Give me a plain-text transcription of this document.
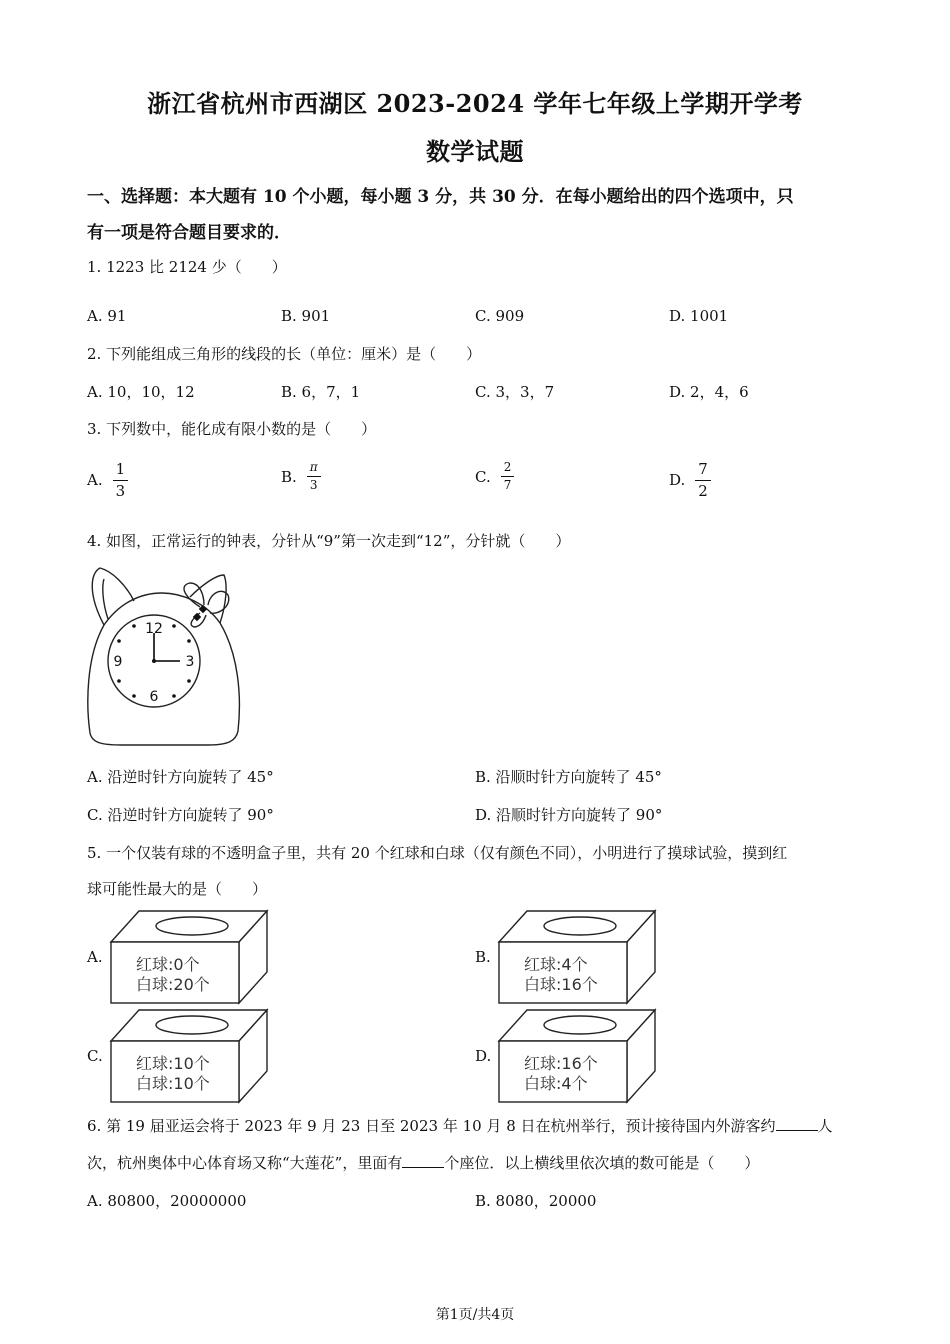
浙江省杭州市西湖区 2023-2024 学年七年级上学期开学考
数学试题
一、选择题：本大题有 10 个小题，每小题 3 分，共 30 分．在每小题给出的四个选项中，只
有一项是符合题目要求的．
1. 1223 比 2124 少（　　）
A. 91	B. 901	C. 909	D. 1001
2. 下列能组成三角形的线段的长（单位：厘米）是（　　）
A. 10，10，12	B. 6，7，1	C. 3，3，7	D. 2，4，6
3. 下列数中，能化成有限小数的是（　　）
A. $\frac{1}{3}$	B. $\frac{\pi}{3}$	C. $\frac{2}{7}$	D. $\frac{7}{2}$
4. 如图，正常运行的钟表，分针从“9”第一次走到“12”，分针就（　　）
12
3
6
9
A. 沿逆时针方向旋转了 45°	B. 沿顺时针方向旋转了 45°
C. 沿逆时针方向旋转了 90°	D. 沿顺时针方向旋转了 90°
5. 一个仅装有球的不透明盒子里，共有 20 个红球和白球（仅有颜色不同），小明进行了摸球试验，摸到红
球可能性最大的是（　　）
A. 红球:0个
白球:20个
B. 红球:4个
白球:16个
C. 红球:10个
白球:10个
D. 红球:16个
白球:4个
6. 第 19 届亚运会将于 2023 年 9 月 23 日至 2023 年 10 月 8 日在杭州举行，预计接待国内外游客约	人
次，杭州奥体中心体育场又称“大莲花”，里面有	个座位．以上横线里依次填的数可能是（　　）
A. 80800，20000000	B. 8080，20000
第1页/共4页
